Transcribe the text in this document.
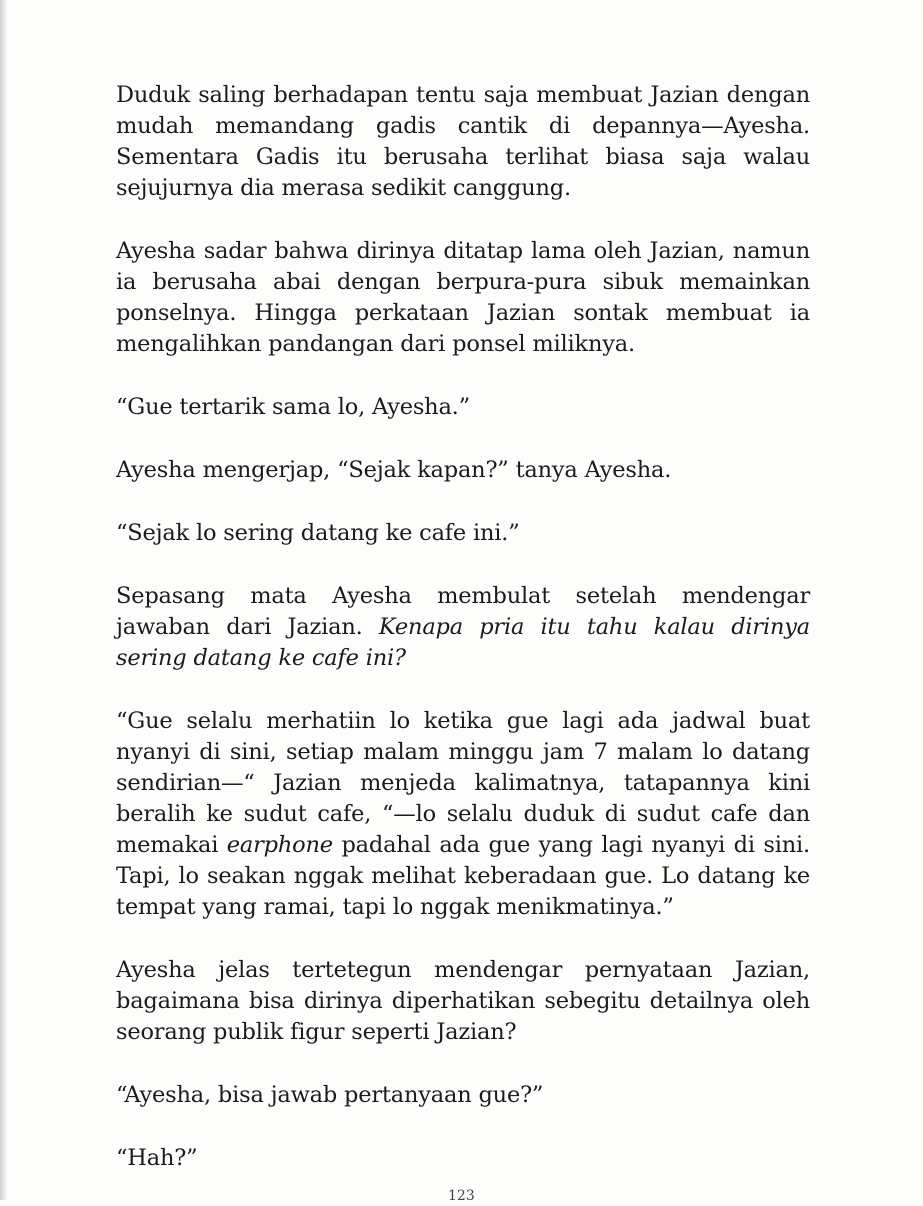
Duduk saling berhadapan tentu saja membuat Jazian dengan mudah memandang gadis cantik di depannya—Ayesha. Sementara Gadis itu berusaha terlihat biasa saja walau sejujurnya dia merasa sedikit canggung.

Ayesha sadar bahwa dirinya ditatap lama oleh Jazian, namun ia berusaha abai dengan berpura-pura sibuk memainkan ponselnya. Hingga perkataan Jazian sontak membuat ia mengalihkan pandangan dari ponsel miliknya.

“Gue tertarik sama lo, Ayesha.”

Ayesha mengerjap, “Sejak kapan?” tanya Ayesha.

“Sejak lo sering datang ke cafe ini.”

Sepasang mata Ayesha membulat setelah mendengar jawaban dari Jazian. Kenapa pria itu tahu kalau dirinya sering datang ke cafe ini?

“Gue selalu merhatiin lo ketika gue lagi ada jadwal buat nyanyi di sini, setiap malam minggu jam 7 malam lo datang sendirian—“ Jazian menjeda kalimatnya, tatapannya kini beralih ke sudut cafe, “—lo selalu duduk di sudut cafe dan memakai earphone padahal ada gue yang lagi nyanyi di sini. Tapi, lo seakan nggak melihat keberadaan gue. Lo datang ke tempat yang ramai, tapi lo nggak menikmatinya.”

Ayesha jelas tertetegun mendengar pernyataan Jazian, bagaimana bisa dirinya diperhatikan sebegitu detailnya oleh seorang publik figur seperti Jazian?

“Ayesha, bisa jawab pertanyaan gue?”

“Hah?”

123
